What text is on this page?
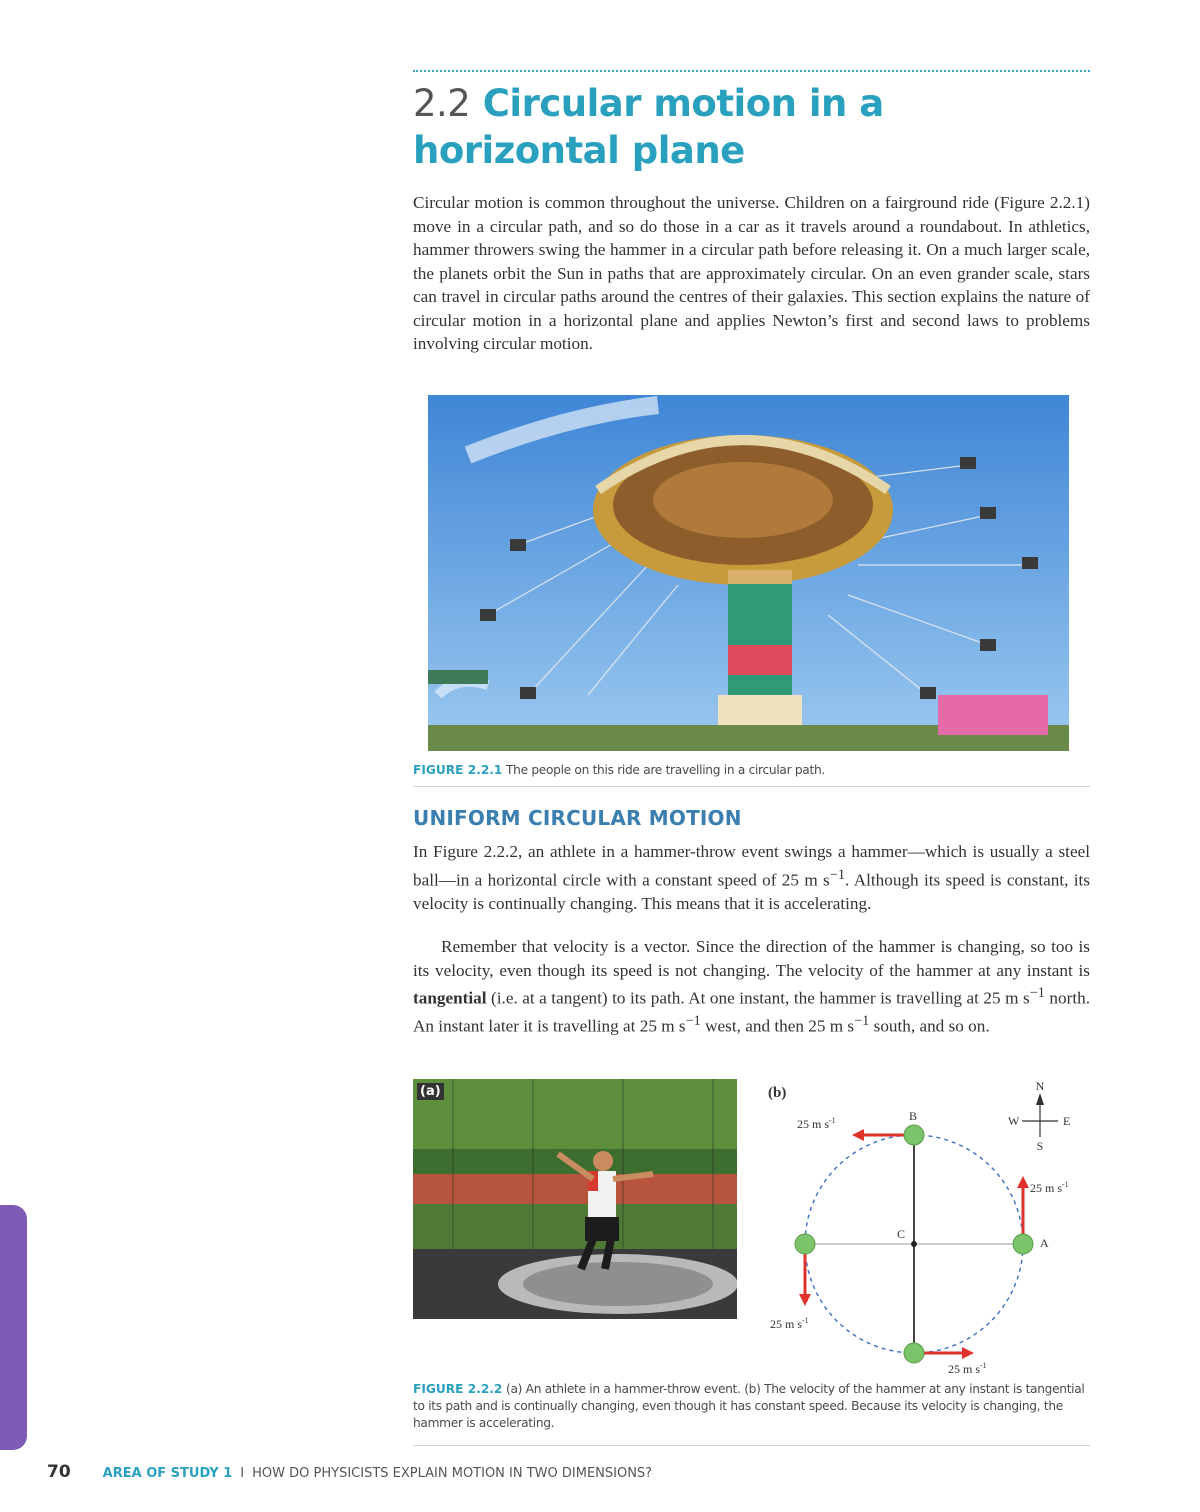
2.2 Circular motion in a horizontal plane

Circular motion is common throughout the universe. Children on a fairground ride (Figure 2.2.1) move in a circular path, and so do those in a car as it travels around a roundabout. In athletics, hammer throwers swing the hammer in a circular path before releasing it. On a much larger scale, the planets orbit the Sun in paths that are approximately circular. On an even grander scale, stars can travel in circular paths around the centres of their galaxies. This section explains the nature of circular motion in a horizontal plane and applies Newton’s first and second laws to problems involving circular motion.

FIGURE 2.2.1 The people on this ride are travelling in a circular path.

UNIFORM CIRCULAR MOTION

In Figure 2.2.2, an athlete in a hammer-throw event swings a hammer—which is usually a steel ball—in a horizontal circle with a constant speed of 25 m $s^{-1}$. Although its speed is constant, its velocity is continually changing. This means that it is accelerating.

Remember that velocity is a vector. Since the direction of the hammer is changing, so too is its velocity, even though its speed is not changing. The velocity of the hammer at any instant is tangential (i.e. at a tangent) to its path. At one instant, the hammer is travelling at 25 m $s^{-1}$ north. An instant later it is travelling at 25 m $s^{-1}$ west, and then 25 m $s^{-1}$ south, and so on.

(a)	(b)	N
S
E
W
C
B
A
25 m $s^{-1}$
25 m $s^{-1}$
25 m $s^{-1}$
25 m $s^{-1}$

FIGURE 2.2.2 (a) An athlete in a hammer-throw event. (b) The velocity of the hammer at any instant is tangential to its path and is continually changing, even though it has constant speed. Because its velocity is changing, the hammer is accelerating.

70 AREA OF STUDY 1 I HOW DO PHYSICISTS EXPLAIN MOTION IN TWO DIMENSIONS?
